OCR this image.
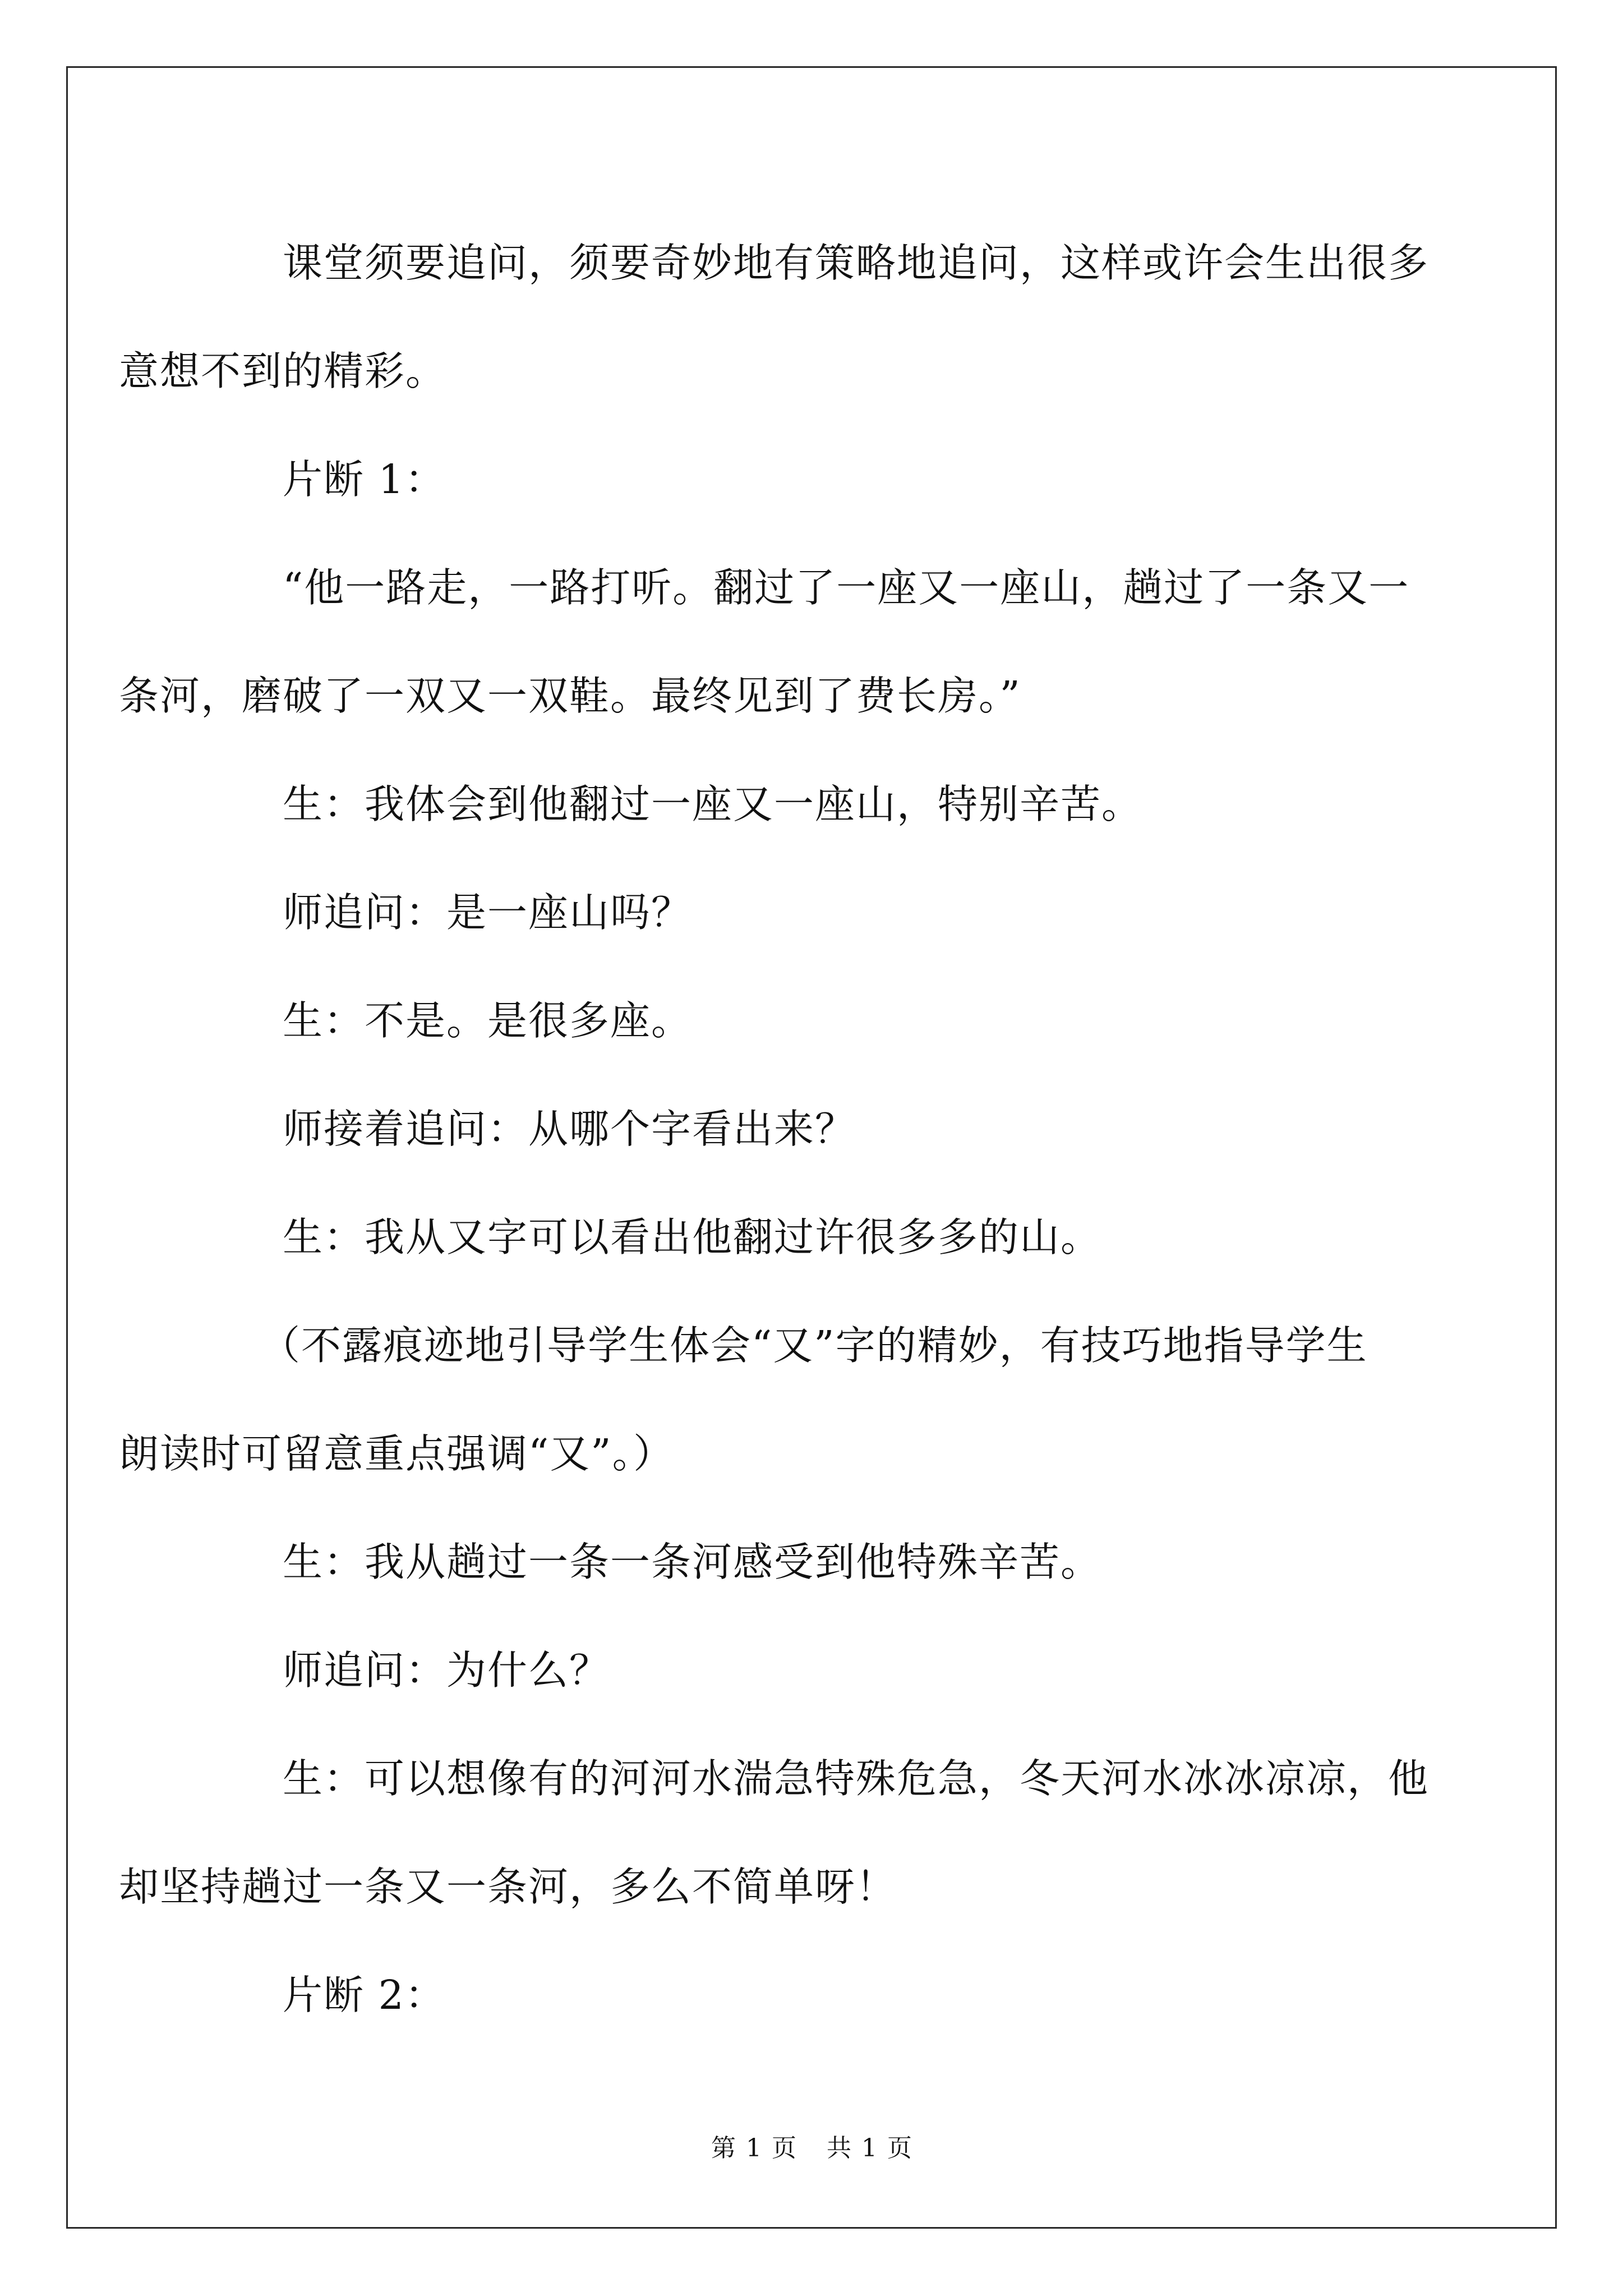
课堂须要追问，须要奇妙地有策略地追问，这样或许会生出很多
意想不到的精彩。

片断 1：

“他一路走，一路打听。翻过了一座又一座山，趟过了一条又一
条河，磨破了一双又一双鞋。最终见到了费长房。”

生：我体会到他翻过一座又一座山，特别辛苦。

师追问：是一座山吗？

生：不是。是很多座。

师接着追问：从哪个字看出来？

生：我从又字可以看出他翻过许很多多的山。

（不露痕迹地引导学生体会“又”字的精妙，有技巧地指导学生
朗读时可留意重点强调“又”。）

生：我从趟过一条一条河感受到他特殊辛苦。

师追问：为什么？

生：可以想像有的河河水湍急特殊危急，冬天河水冰冰凉凉，他
却坚持趟过一条又一条河，多么不简单呀！

片断 2：

第 1 页 共 1 页
